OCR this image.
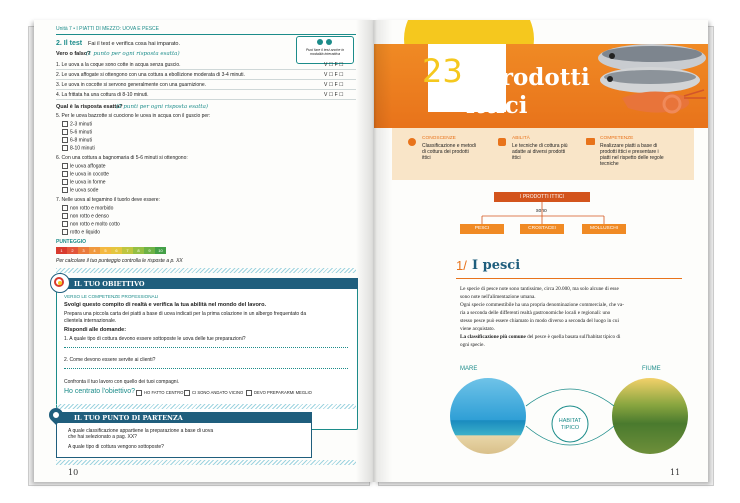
Unità 7 • I PIATTI DI MEZZO: UOVA E PESCE
2. Il test Fai il test e verifica cosa hai imparato.
Puoi fare il test anche in modalità interattiva
Vero o falso?
(1 punto per ogni risposta esatta)
1. Le uova a la coque sono cotte in acqua senza guscio.	V ☐ F ☐
2. Le uova affogate si ottengono con una cottura a ebollizione moderata di 3-4 minuti.	V ☐ F ☐
3. Le uova in cocotte si servono generalmente con una guarnizione.	V ☐ F ☐
4. La frittata ha una cottura di 8-10 minuti.	V ☐ F ☐
Qual è la risposta esatta?
(2 punti per ogni risposta esatta)
5. Per le uova bazzotte si cuociono le uova in acqua con il guscio per:
2-3 minuti
5-6 minuti
6-8 minuti
8-10 minuti
6. Con una cottura a bagnomaria di 5-6 minuti si ottengono:
le uova affogate
le uova in cocotte
le uova in forme
le uova sode
7. Nelle uova al tegamino il tuorlo deve essere:
non rotto e morbido
non rotto e denso
non rotto e molto cotto
rotto e liquido
PUNTEGGIO
1	2	3	4	5	6	7	8	9	10
Per calcolare il tuo punteggio controlla le risposte a p. XX
IL TUO OBIETTIVO
VERSO LE COMPETENZE PROFESSIONALI
Svolgi questo compito di realtà e verifica la tua abilità nel mondo del lavoro.
Prepara una piccola carta dei piatti a base di uova indicati per la prima colazione in un albergo frequentato da
clientela internazionale.
Rispondi alle domande:
1. A quale tipo di cottura devono essere sottoposte le uova delle tue preparazioni?
2. Come devono essere servite ai clienti?
Confronta il tuo lavoro con quello dei tuoi compagni.
Ho centrato l'obiettivo?	HO FATTO CENTRO	CI SONO ANDATO VICINO	DEVO PREPARARMI MEGLIO
IL TUO PUNTO DI PARTENZA
A quale classificazione appartiene la preparazione a base di uova che hai selezionato a pag. XX?
A quale tipo di cottura vengono sottoposte?
10
23 I prodotti
ittici
CONOSCENZE
Classificazione e metodi di cottura dei prodotti ittici
ABILITÀ
Le tecniche di cottura più adatte ai diversi prodotti ittici
COMPETENZE
Realizzare piatti a base di prodotti ittici e presentare i piatti nel rispetto delle regole tecniche
I PRODOTTI ITTICI
sono
PESCI	CROSTACEI	MOLLUSCHI
1/ I pesci
Le specie di pesce note sono tantissime, circa 20.000, ma solo alcune di esse
sono note nell'alimentazione umana.
Ogni specie commestibile ha una propria denominazione commerciale, che va-
ria a seconda delle differenti realtà gastronomiche locali e regionali: uno
stesso pesce può essere chiamato in modo diverso a seconda del luogo in cui
viene acquistato.
La classificazione più comune del pesce è quella basata sull'habitat tipico di
ogni specie.
MARE	FIUME
HABITAT
TIPICO
11
